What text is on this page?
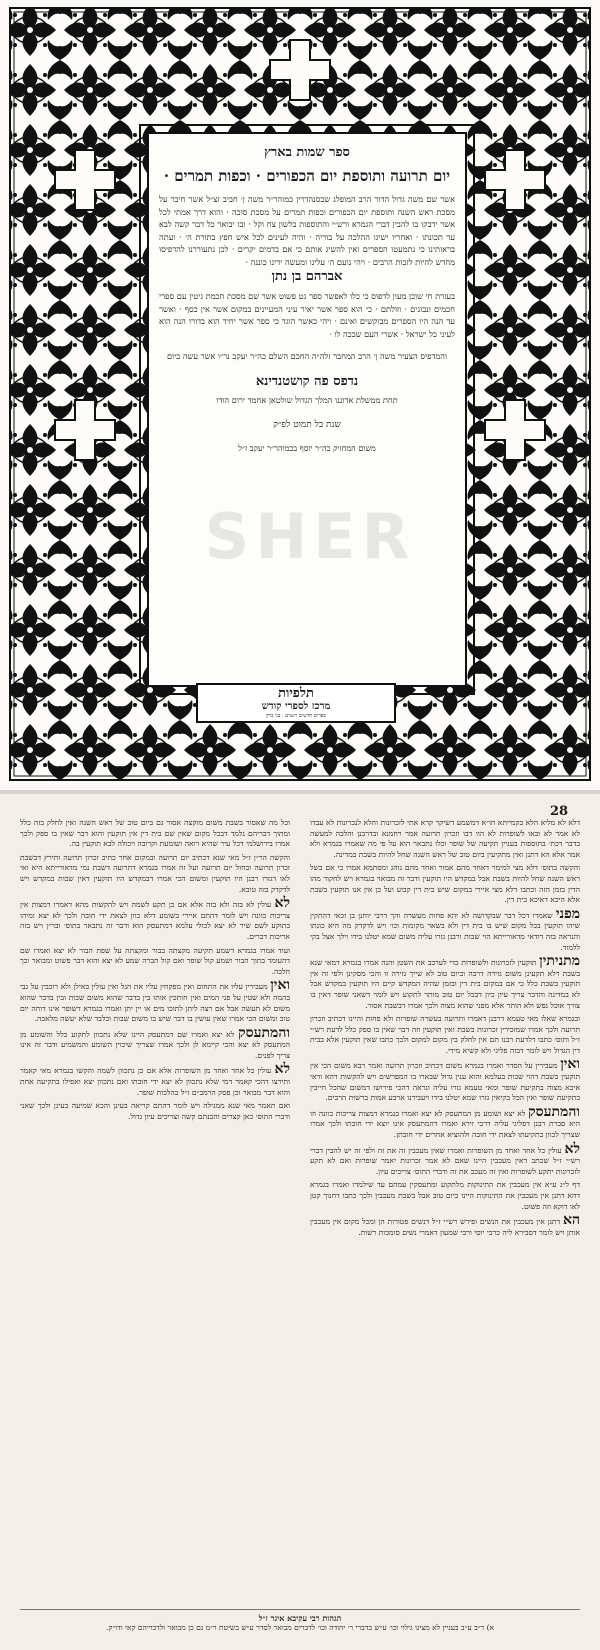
ספר שמות בארץ
יום תרועה ותוספת יום הכפורים · וכפות תמרים ·
אשר שם משה גדול הדור הרב המופלג שבסנהדרין כמוהר״ר משה ן׳ חביב זצ״ל אשר חיבר על מסכת ראש השנה ותוספת יום הכפורים וכפות תמרים על מסכת סוכה · והוא דרך אמתי לכל אשר ידבקו בו להבין דברי הגמרא ורש״י והתוספות בלשון צח וקל · ובו יבואר כל דבר קשה לבא עד תכונתו · ואחריו ישיגו ההלכה על בוריה · והיה לעינים לכל איש חפץ בתורת ה׳ · ועתה בראותינו כי נתמעטו הספרים ואין להשיג אותם כי אם בדמים יקרים · לכן נתעוררנו להדפיסו מחדש להיות לזכות הרבים · ויהי נועם ה׳ עלינו ומעשה ידינו כוננה ·
אברהם בן נתן
בעזרת חי שוכן מעון לדפוס כי כלו לאפשר ספר גט פשוט אשר שם מסכת חכמת גיטין עם ספרי חכמים ונבונים · וזולתם · כי הוא ספר אשר יאיר עיני המעיינים במקום אשר אין כסף · ואשר עד הנה היו הספרים מבוקשים ואינם · ויהי כאשר הוגד כי ספר אשר יחיד הוא בדורו הנה הוא לעיני כל ישראל · אשרי העם שככה לו ·
והמדפיס הצעיר משה ן׳ הרב המחבר זלה״ה החכם השלם כה״ר יעקב נר״ו אשר עשה ביום
נדפס פה קושטנדינא
תחת ממשלת אדוננו המלך הגדול שולטאן אחמד ירום הודו
שנת בל תמוט לפ״ק
משום המחזיק כה״ר יוסף בכמוהר״ר יעקב ז״ל
SHER
תלפיות
מרכז לספרי קודש
ספרים חדשים וישנים · בני ברק
28

דלא לא מליא הלא בקמייתא הו״א דמשמע דשיקר קרא אתי לזכרונות והלא לנכרונות לא עבדו לא אמר לא ובאו לשופרות לא הוו דבו וזכרון תרועה אמר רחמנא ובדרבנן והלכה למעשה בדבר דכת׳ בתוספות בעניין תקיעה של שופר וכלו נתבאר הוא על פי מה שאמרו בגמרא ולא אמר אלא הא דתנן ואין מתקיעין ביום טוב של ראש השנה שחל להיות בשבת במדינה.

והקשה בתוס׳ דלא מצי למימר דאחד מהם אמור ואחד מהם נוהג ומסתמא אמרו כי אם בשל ראש השנה שחל להיות בשבת אבל במקדש היו תוקעין ודבר זה מבואר בגמרא ויש לחקור מהו הדין בזמן הזה וכתבו דלא מצי איירי במקום שיש בית דין קבוע ועל כן אין אנו תוקעין בשבת אלא היכא דאיכא בית דין.

מפני שאמרו דכל דבר שבקדושה לא יהא פחות מעשרה והך דרבי יוחנן בן זכאי דהתקין שיהו תוקעין בכל מקום שיש בו בית דין ולא בשאר מקומות וכו׳ ויש לדקדק מה היא כונתו והנראה בזה דודאי מדאורייתא הוי שבות ורבנן גזרו עליה משום שמא יטלנו בידו וילך אצל בקי ללמוד.

מתניתין תוקעין לזכרונות ולשופרות כדי לערבב את השטן והנה אמרו בגמרא דמאי שנא בשבת דלא תקעינן משום גזירה דרבה וביום טוב לא שייך גזירה זו והכי מסקינן ולפי זה אין תוקעין בשבת כלל כי אם במקום בית דין ובזמן שהיה המקדש קיים היו תוקעין במקדש אבל לא במדינה והדבר צריך עיון כיון דבכל יום טוב מותר לתקוע ויש לומר דשאני שופר דאין בו צורך אוכל נפש ולא הותר אלא מפני שהוא מצוה ולכך אמרו דבשבת אסור.

ובגמרא שאלו מאי טעמא דרבנן דאמרו ותרועה בעשרה שופרות ולא פחות והיינו דכתיב וזכרון תרועה ולכך אמרו שמזכירין זכרונות בשבת ואין תוקעין וזה דבר שאין בו ספק כלל לדעת רש״י ז״ל ותוס׳ כתבו דלדעת רבנו תם אין לחלק בין מקום למקום ולכך כתבו שאין תוקעין אלא בבית דין הגדול ויש לומר דבזה פליגי ולא קשיא מידי.

ואין מעבירין על הסדר ואמרו בגמרא משום דכתיב וזכרון תרועה ואמר רבא משום הכי אין תוקעין בשבת דהוי שבות בעלמא והוא ענין גדול שבארו בו המפרשים ויש להקשות דהא ודאי איכא מצוה בתקיעת שופר ומאי טעמא גזרו עליה ונראה דהכי פירושו דמשום שהכל חייבין בתקיעת שופר ואין הכל בקיאין גזרו שמא יטלנו בידו ויעבירנו ארבע אמות ברשות הרבים.

והמתעסק לא יצא ושומע מן המתעסק לא יצא ואמרו בגמרא דמצות צריכות כוונה וזו היא סברת רבנן דפליגי עליה דרבי זירא ואמרו דהמתעסק אינו יוצא ידי חובתו ולכך אמרו שצריך לכוון בתקיעתו לצאת ידי חובה ולהוציא אחרים ידי חובתן.

לא עולין כל אחד ואחד מן השופרות ואמרו שאין מעכבין זה את זה ולפי זה יש להבין דברי רש״י ז״ל שכתב דאין מעכבין היינו שאם לא אמר זכרונות יאמר שופרות ואם לא תקע לזכרונות יתקע לשופרות ואין זה מעכב את זה ודברי התוס׳ צריכים עיון.

דף ל״ג ע״א אין מעכבין את התינוקות מלתקוע ומתעסקין עמהם עד שילמדו ואמרו בגמרא דהא דתנן אין מעכבין את התינוקות היינו ביום טוב אבל בשבת מעכבין ולכך כתבו דחנוך קטן לאו דוקא וזה פשוט.

הא דתנן אין מעכבין את הנשים ופירש רש״י ז״ל דנשים פטורות הן ומכל מקום אין מעכבין אותן ויש לומר דסבירא ליה כרבי יוסי ורבי שמעון דאמרי נשים סומכות רשות.

וכל מה שאסור בשבת משום מוקצה אסור גם ביום טוב של ראש השנה ואין לחלק בזה כלל ומתוך דבריהם נלמד דבכל מקום שאין שם בית דין אין תוקעין והוא דבר שאין בו ספק ולכך אמרו בירושלמי דכל עיר שהיא רואה ושומעת וקרובה ויכולה לבא תוקעין בה.

והקשה הר״ן ז״ל מאי שנא דכתיב יום תרועה ובמקום אחר כתיב זכרון תרועה ותירץ דבשבת זכרון תרועה ובחול יום תרועה ועל זה אמרו בגמרא דתרועה דשבת נמי מדאורייתא היא ואי לאו דגזרו רבנן היו תוקעין ומשום הכי אמרו דבמקדש היו תוקעין דאין שבות במקדש ויש לדקדק בזה טובא.

לא עולין לא בזה ולא בזה אלא אם כן תקע לשמה ויש להקשות מהא דאמרו דמצות אין צריכות כוונה ויש לומר דהתם איירי בשומע דלא כוון לצאת ידי חובה ולכך לא יצא ומיהו בתוקע לשם שיר לא יצא לכולי עלמא דמתעסק הוא ודבר זה נתבאר בתוס׳ ובר״ן ויש בזה אריכות דברים.

ועוד אמרו בגמרא דשמע תקיעה מקצתה בבור ומקצתה על שפת הבור לא יצא ואמרו שם דהעומד בתוך הבור ושמע קול שופר ואם קול הברה שמע לא יצא והוא דבר פשוט ומבואר וכך הלכה.

ואין מעבירין עליו את התחום ואין מפקחין עליו את הגל ואין עולין באילן ולא רוכבין על גבי בהמה ולא שטין על פני המים ואין חותכין אותו בין בדבר שהוא משום שבות ובין בדבר שהוא משום לא תעשה אבל אם רצה ליתן לתוכו מים או יין יתן ואמרו בגמרא דשופר אינו דוחה יום טוב ומשום הכי אמרו שאין עושין בו דבר שיש בו משום שבות ובלבד שלא יעשה מלאכה.

והמתעסק לא יצא ואמרו שם דמתעסק היינו שלא נתכוון לתקוע כלל והשומע מן המתעסק לא יצא והכי קיימא לן ולכך אמרו שצריך שיכוין השומע והמשמיע ודבר זה אינו צריך לפנים.

לא עולין כל אחד ואחד מן השופרות אלא אם כן נתכוון לשמה והקשו בגמרא מאי קאמר ותירצו דהכי קאמר דמי שלא נתכוון לא יצא ידי חובתו ואם נתכוון יצא ואפילו בתקיעה אחת והוא דבר מבואר וכן פסק הרמב״ם ז״ל בהלכות שופר.

ואם תאמר מאי שנא ממגילה ויש לומר דהתם קריאה בעינן והכא שמיעה בעינן ולכך שאני ודברי התוס׳ כאן קצרים והבנתם קשה וצריכים עיון גדול.

הגהות רבי עקיבא איגר ז״ל
א) ר״ב ע״ב בעניין לא מצינו גילוי וכו׳ ע״ש בדברי ר׳ יהודה וכו׳ לדברים מבואר לסדר ע״ש בשיטת ר״מ גם כן מבואר ולדבריהם קאי ודו״ק.
